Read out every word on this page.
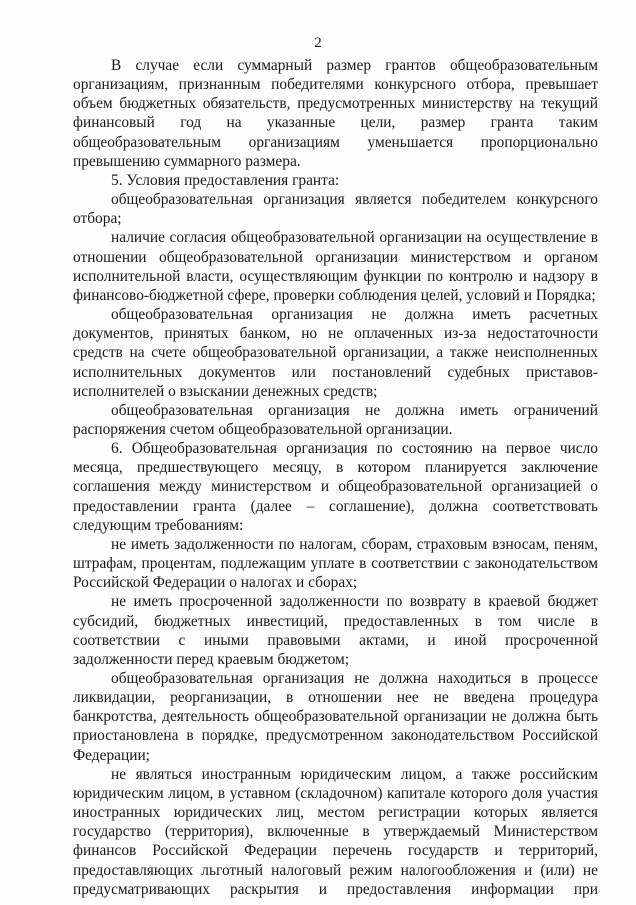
2

В случае если суммарный размер грантов общеобразовательным организациям, признанным победителями конкурсного отбора, превышает объем бюджетных обязательств, предусмотренных министерству на текущий финансовый год на указанные цели, размер гранта таким общеобразовательным организациям уменьшается пропорционально превышению суммарного размера.

5. Условия предоставления гранта:

общеобразовательная организация является победителем конкурсного отбора;

наличие согласия общеобразовательной организации на осуществление в отношении общеобразовательной организации министерством и органом исполнительной власти, осуществляющим функции по контролю и надзору в финансово-бюджетной сфере, проверки соблюдения целей, условий и Порядка;

общеобразовательная организация не должна иметь расчетных документов, принятых банком, но не оплаченных из-за недостаточности средств на счете общеобразовательной организации, а также неисполненных исполнительных документов или постановлений судебных приставов-исполнителей о взыскании денежных средств;

общеобразовательная организация не должна иметь ограничений распоряжения счетом общеобразовательной организации.

6. Общеобразовательная организация по состоянию на первое число месяца, предшествующего месяцу, в котором планируется заключение соглашения между министерством и общеобразовательной организацией о предоставлении гранта (далее – соглашение), должна соответствовать следующим требованиям:

не иметь задолженности по налогам, сборам, страховым взносам, пеням, штрафам, процентам, подлежащим уплате в соответствии с законодательством Российской Федерации о налогах и сборах;

не иметь просроченной задолженности по возврату в краевой бюджет субсидий, бюджетных инвестиций, предоставленных в том числе в соответствии с иными правовыми актами, и иной просроченной задолженности перед краевым бюджетом;

общеобразовательная организация не должна находиться в процессе ликвидации, реорганизации, в отношении нее не введена процедура банкротства, деятельность общеобразовательной организации не должна быть приостановлена в порядке, предусмотренном законодательством Российской Федерации;

не являться иностранным юридическим лицом, а также российским юридическим лицом, в уставном (складочном) капитале которого доля участия иностранных юридических лиц, местом регистрации которых является государство (территория), включенные в утверждаемый Министерством финансов Российской Федерации перечень государств и территорий, предоставляющих льготный налоговый режим налогообложения и (или) не предусматривающих раскрытия и предоставления информации при
